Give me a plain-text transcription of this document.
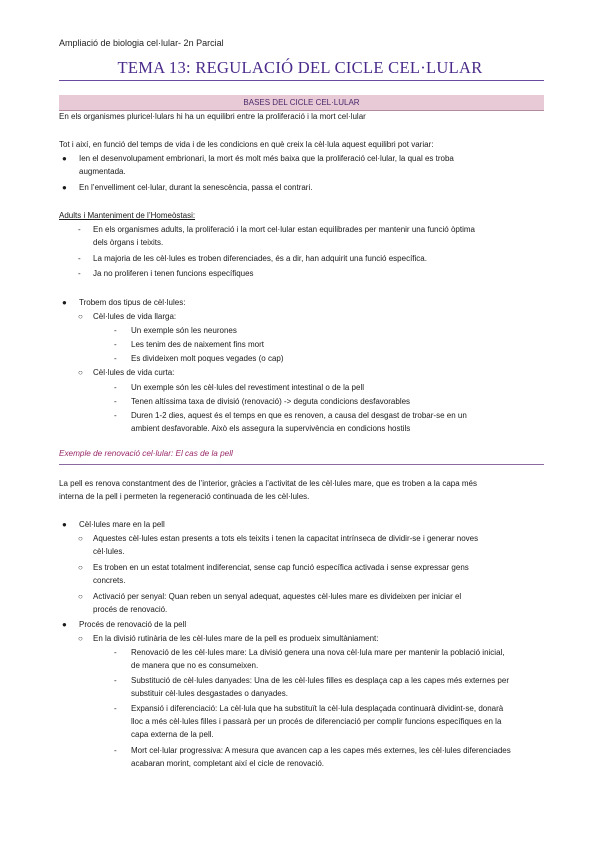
Ampliació de biologia cel·lular- 2n Parcial
TEMA 13: REGULACIÓ DEL CICLE CEL·LULAR
BASES DEL CICLE CEL·LULAR
En els organismes pluricel·lulars hi ha un equilibri entre la proliferació i la mort cel·lular
Tot i així, en funció del temps de vida i de les condicions en què creix la cèl·lula aquest equilibri pot variar:
● Ien el desenvolupament embrionari, la mort és molt més baixa que la proliferació cel·lular, la qual es troba
augmentada.
● En l’envelliment cel·lular, durant la senescència, passa el contrari.
Adults i Manteniment de l’Homeòstasi:
- En els organismes adults, la proliferació i la mort cel·lular estan equilibrades per mantenir una funció òptima
dels òrgans i teixits.
- La majoria de les cèl·lules es troben diferenciades, és a dir, han adquirit una funció específica.
- Ja no proliferen i tenen funcions específiques
● Trobem dos tipus de cèl·lules:
○ Cèl·lules de vida llarga:
- Un exemple són les neurones
- Les tenim des de naixement fins mort
- Es divideixen molt poques vegades (o cap)
○ Cèl·lules de vida curta:
- Un exemple són les cèl·lules del revestiment intestinal o de la pell
- Tenen altíssima taxa de divisió (renovació) -> deguta condicions desfavorables
- Duren 1-2 dies, aquest és el temps en que es renoven, a causa del desgast de trobar-se en un
ambient desfavorable. Això els assegura la supervivència en condicions hostils
Exemple de renovació cel·lular: El cas de la pell
La pell es renova constantment des de l’interior, gràcies a l’activitat de les cèl·lules mare, que es troben a la capa més
interna de la pell i permeten la regeneració continuada de les cèl·lules.
● Cèl·lules mare en la pell
○ Aquestes cèl·lules estan presents a tots els teixits i tenen la capacitat intrínseca de dividir-se i generar noves
cèl·lules.
○ Es troben en un estat totalment indiferenciat, sense cap funció específica activada i sense expressar gens
concrets.
○ Activació per senyal: Quan reben un senyal adequat, aquestes cèl·lules mare es divideixen per iniciar el
procés de renovació.
● Procés de renovació de la pell
○ En la divisió rutinària de les cèl·lules mare de la pell es produeix simultàniament:
- Renovació de les cèl·lules mare: La divisió genera una nova cèl·lula mare per mantenir la població inicial,
de manera que no es consumeixen.
- Substitució de cèl·lules danyades: Una de les cèl·lules filles es desplaça cap a les capes més externes per
substituir cèl·lules desgastades o danyades.
- Expansió i diferenciació: La cèl·lula que ha substituït la cèl·lula desplaçada continuarà dividint-se, donarà
lloc a més cèl·lules filles i passarà per un procés de diferenciació per complir funcions específiques en la
capa externa de la pell.
- Mort cel·lular progressiva: A mesura que avancen cap a les capes més externes, les cèl·lules diferenciades
acabaran morint, completant així el cicle de renovació.
